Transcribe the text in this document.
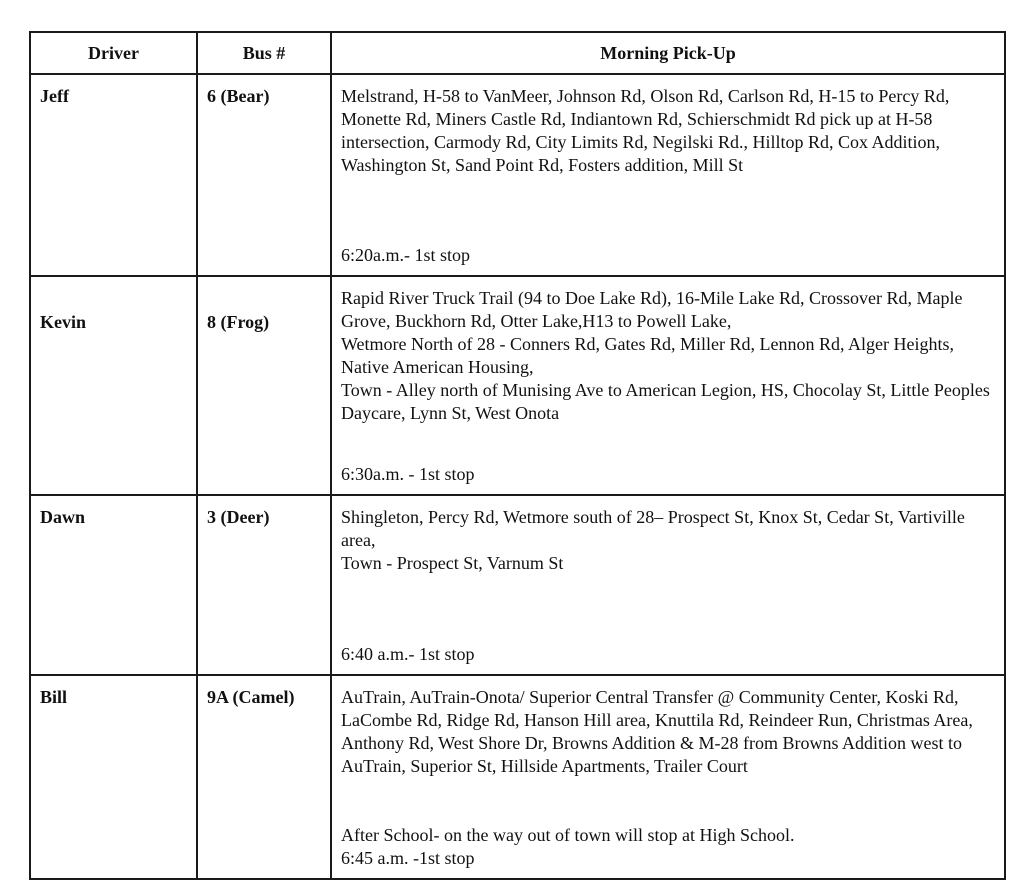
Driver	Bus #	Morning Pick-Up
Jeff	6 (Bear)	Melstrand, H-58 to VanMeer, Johnson Rd, Olson Rd, Carlson Rd, H-15 to Percy Rd, Monette Rd, Miners Castle Rd, Indiantown Rd, Schierschmidt Rd pick up at H-58 intersection, Carmody Rd, City Limits Rd, Negilski Rd., Hilltop Rd, Cox Addition, Washington St, Sand Point Rd, Fosters addition, Mill St
6:20a.m.- 1st stop

Kevin	8 (Frog)	Rapid River Truck Trail (94 to Doe Lake Rd), 16-Mile Lake Rd, Crossover Rd, Maple Grove, Buckhorn Rd, Otter Lake,H13 to Powell Lake,
Wetmore North of 28 - Conners Rd, Gates Rd, Miller Rd, Lennon Rd, Alger Heights, Native American Housing,
Town - Alley north of Munising Ave to American Legion, HS, Chocolay St, Little Peoples Daycare, Lynn St, West Onota
6:30a.m. - 1st stop

Dawn	3 (Deer)	Shingleton, Percy Rd, Wetmore south of 28– Prospect St, Knox St, Cedar St, Vartiville area,
Town - Prospect St, Varnum St
6:40 a.m.- 1st stop

Bill	9A (Camel)	AuTrain, AuTrain-Onota/ Superior Central Transfer @ Community Center, Koski Rd, LaCombe Rd, Ridge Rd, Hanson Hill area, Knuttila Rd, Reindeer Run, Christmas Area, Anthony Rd, West Shore Dr, Browns Addition & M-28 from Browns Addition west to AuTrain, Superior St, Hillside Apartments, Trailer Court
After School- on the way out of town will stop at High School.
6:45 a.m. -1st stop
